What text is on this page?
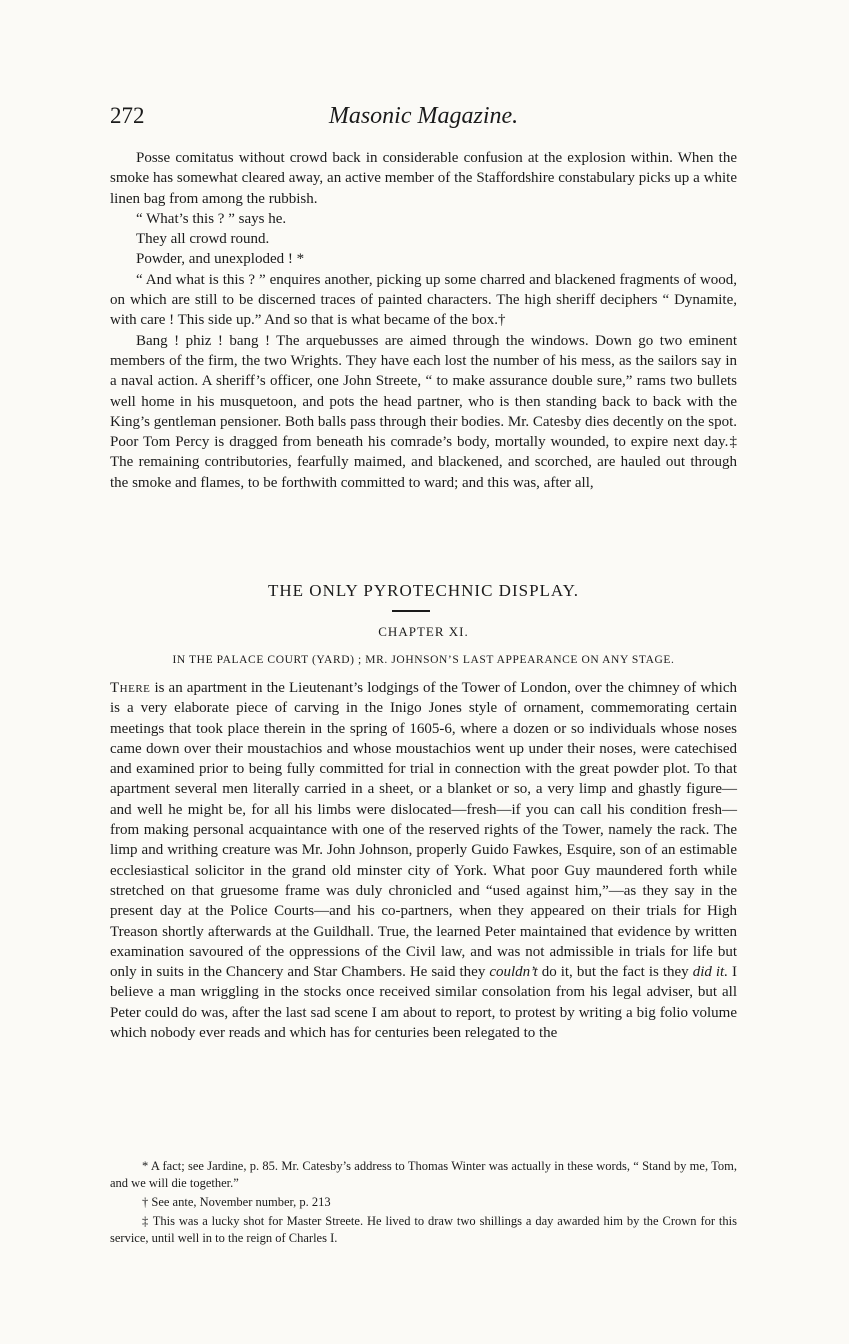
272	Masonic Magazine.

Posse comitatus without crowd back in considerable confusion at the explosion within. When the smoke has somewhat cleared away, an active member of the Staffordshire constabulary picks up a white linen bag from among the rubbish.

“ What’s this ? ” says he.

They all crowd round.

Powder, and unexploded ! *

“ And what is this ? ” enquires another, picking up some charred and blackened fragments of wood, on which are still to be discerned traces of painted characters. The high sheriff deciphers “ Dynamite, with care ! This side up.” And so that is what became of the box.†

Bang ! phiz ! bang ! The arquebusses are aimed through the windows. Down go two eminent members of the firm, the two Wrights. They have each lost the number of his mess, as the sailors say in a naval action. A sheriff’s officer, one John Streete, “ to make assurance double sure,” rams two bullets well home in his musquetoon, and pots the head partner, who is then standing back to back with the King’s gentleman pensioner. Both balls pass through their bodies. Mr. Catesby dies decently on the spot. Poor Tom Percy is dragged from beneath his comrade’s body, mortally wounded, to expire next day.‡ The remaining contributories, fearfully maimed, and blackened, and scorched, are hauled out through the smoke and flames, to be forthwith committed to ward; and this was, after all,

THE ONLY PYROTECHNIC DISPLAY.
CHAPTER XI.
IN THE PALACE COURT (YARD) ; MR. JOHNSON’S LAST APPEARANCE ON ANY STAGE.

There is an apartment in the Lieutenant’s lodgings of the Tower of London, over the chimney of which is a very elaborate piece of carving in the Inigo Jones style of ornament, commemorating certain meetings that took place therein in the spring of 1605-6, where a dozen or so individuals whose noses came down over their moustachios and whose moustachios went up under their noses, were catechised and examined prior to being fully committed for trial in connection with the great powder plot. To that apartment several men literally carried in a sheet, or a blanket or so, a very limp and ghastly figure—and well he might be, for all his limbs were dislocated—fresh—if you can call his condition fresh—from making personal acquaintance with one of the reserved rights of the Tower, namely the rack. The limp and writhing creature was Mr. John Johnson, properly Guido Fawkes, Esquire, son of an estimable ecclesiastical solicitor in the grand old minster city of York. What poor Guy maundered forth while stretched on that gruesome frame was duly chronicled and “used against him,”—as they say in the present day at the Police Courts—and his co-partners, when they appeared on their trials for High Treason shortly afterwards at the Guildhall. True, the learned Peter maintained that evidence by written examination savoured of the oppressions of the Civil law, and was not admissible in trials for life but only in suits in the Chancery and Star Chambers. He said they couldn’t do it, but the fact is they did it. I believe a man wriggling in the stocks once received similar consolation from his legal adviser, but all Peter could do was, after the last sad scene I am about to report, to protest by writing a big folio volume which nobody ever reads and which has for centuries been relegated to the

* A fact; see Jardine, p. 85. Mr. Catesby’s address to Thomas Winter was actually in these words, “ Stand by me, Tom, and we will die together.”

† See ante, November number, p. 213

‡ This was a lucky shot for Master Streete. He lived to draw two shillings a day awarded him by the Crown for this service, until well in to the reign of Charles I.
